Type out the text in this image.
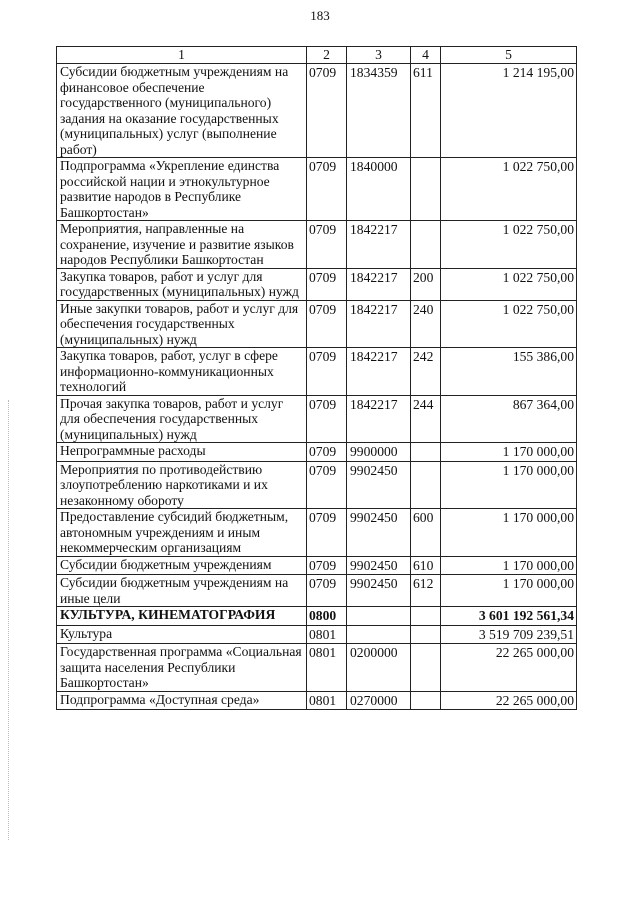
183
1	2	3	4	5
Субсидии бюджетным учреждениям на финансовое обеспечение государственного (муниципального) задания на оказание государственных (муниципальных) услуг (выполнение работ)	0709	1834359	611	1 214 195,00
Подпрограмма «Укрепление единства российской нации и этнокультурное развитие народов в Республике Башкортостан»	0709	1840000		1 022 750,00
Мероприятия, направленные на сохранение, изучение и развитие языков народов Республики Башкортостан	0709	1842217		1 022 750,00
Закупка товаров, работ и услуг для государственных (муниципальных) нужд	0709	1842217	200	1 022 750,00
Иные закупки товаров, работ и услуг для обеспечения государственных (муниципальных) нужд	0709	1842217	240	1 022 750,00
Закупка товаров, работ, услуг в сфере информационно-коммуникационных технологий	0709	1842217	242	155 386,00
Прочая закупка товаров, работ и услуг для обеспечения государственных (муниципальных) нужд	0709	1842217	244	867 364,00
Непрограммные расходы	0709	9900000		1 170 000,00
Мероприятия по противодействию злоупотреблению наркотиками и их незаконному обороту	0709	9902450		1 170 000,00
Предоставление субсидий бюджетным, автономным учреждениям и иным некоммерческим организациям	0709	9902450	600	1 170 000,00
Субсидии бюджетным учреждениям	0709	9902450	610	1 170 000,00
Субсидии бюджетным учреждениям на иные цели	0709	9902450	612	1 170 000,00
КУЛЬТУРА, КИНЕМАТОГРАФИЯ	0800			3 601 192 561,34
Культура	0801			3 519 709 239,51
Государственная программа «Социальная защита населения Республики Башкортостан»	0801	0200000		22 265 000,00
Подпрограмма «Доступная среда»	0801	0270000		22 265 000,00
